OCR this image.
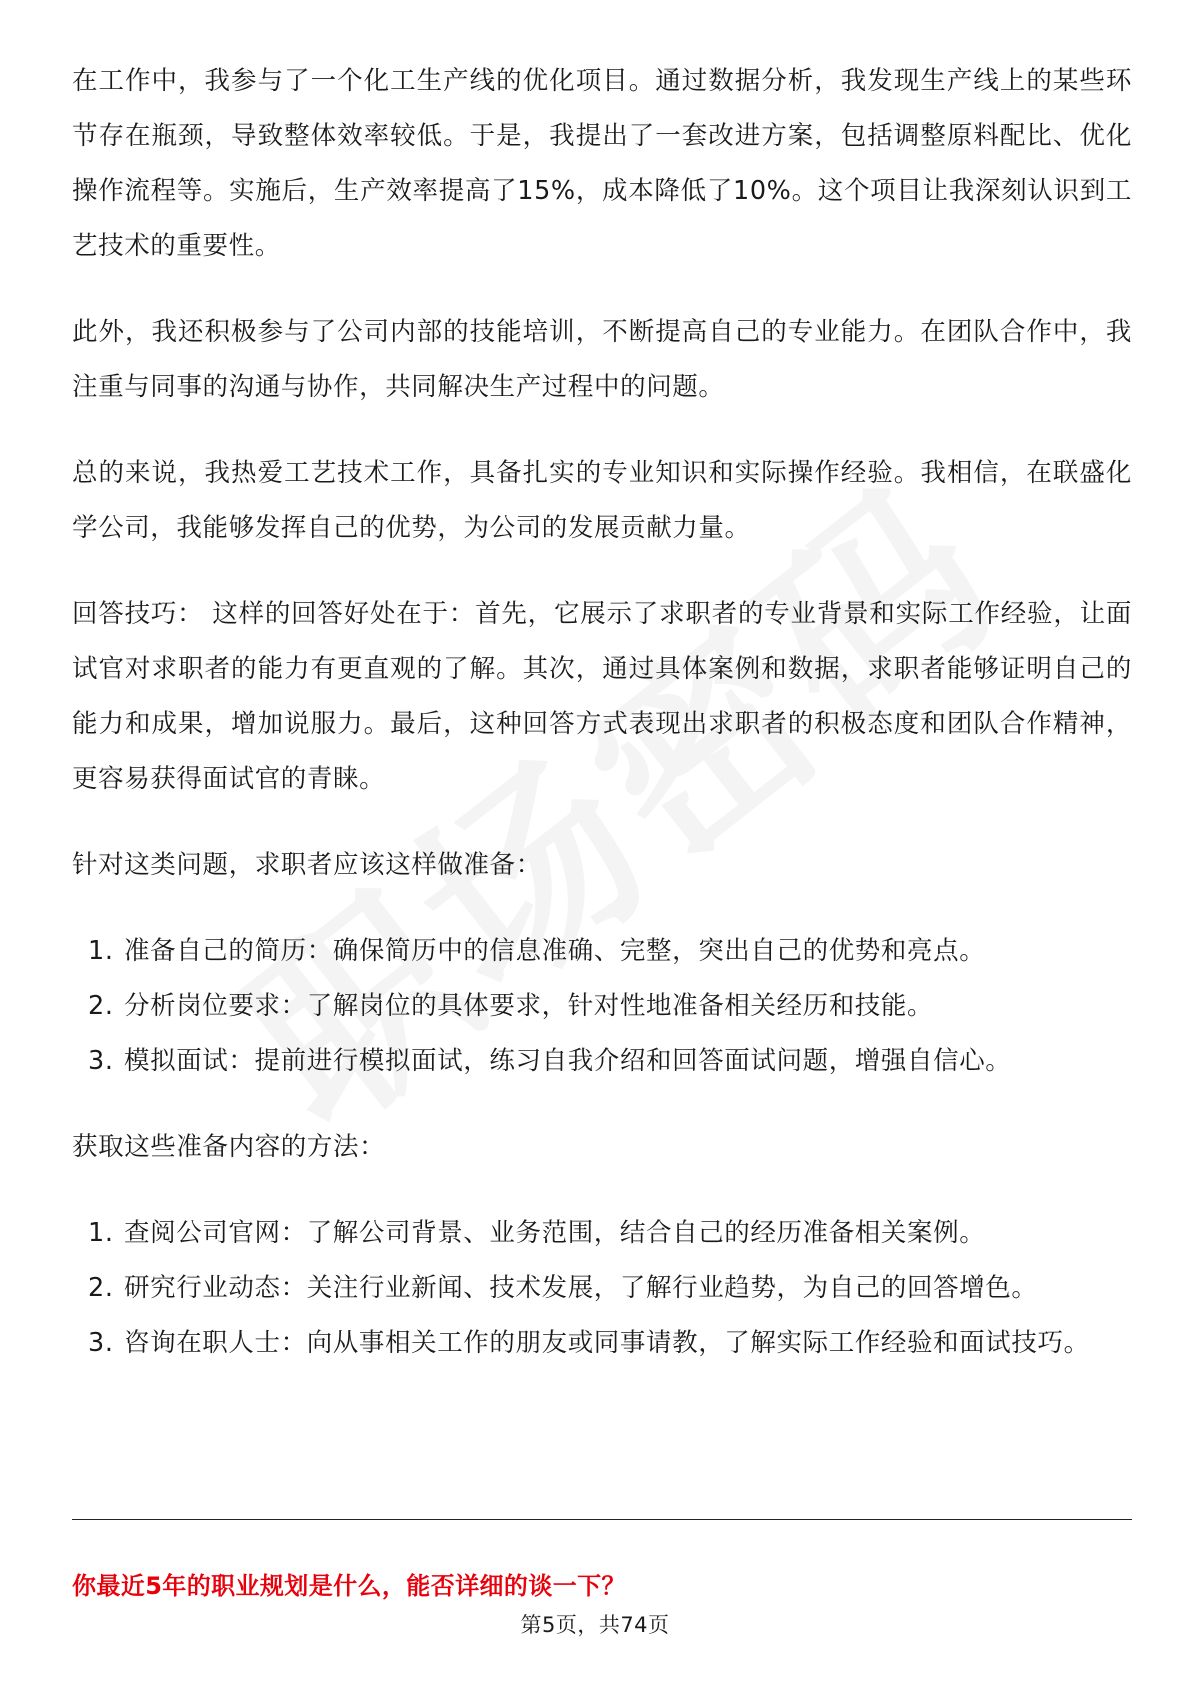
在工作中，我参与了一个化工生产线的优化项目。通过数据分析，我发现生产线上的某些环节存在瓶颈，导致整体效率较低。于是，我提出了一套改进方案，包括调整原料配比、优化操作流程等。实施后，生产效率提高了15%，成本降低了10%。这个项目让我深刻认识到工艺技术的重要性。

此外，我还积极参与了公司内部的技能培训，不断提高自己的专业能力。在团队合作中，我注重与同事的沟通与协作，共同解决生产过程中的问题。

总的来说，我热爱工艺技术工作，具备扎实的专业知识和实际操作经验。我相信，在联盛化学公司，我能够发挥自己的优势，为公司的发展贡献力量。

回答技巧： 这样的回答好处在于：首先，它展示了求职者的专业背景和实际工作经验，让面试官对求职者的能力有更直观的了解。其次，通过具体案例和数据，求职者能够证明自己的能力和成果，增加说服力。最后，这种回答方式表现出求职者的积极态度和团队合作精神，更容易获得面试官的青睐。

针对这类问题，求职者应该这样做准备：

1. 准备自己的简历：确保简历中的信息准确、完整，突出自己的优势和亮点。
2. 分析岗位要求：了解岗位的具体要求，针对性地准备相关经历和技能。
3. 模拟面试：提前进行模拟面试，练习自我介绍和回答面试问题，增强自信心。

获取这些准备内容的方法：

1. 查阅公司官网：了解公司背景、业务范围，结合自己的经历准备相关案例。
2. 研究行业动态：关注行业新闻、技术发展，了解行业趋势，为自己的回答增色。
3. 咨询在职人士：向从事相关工作的朋友或同事请教，了解实际工作经验和面试技巧。
你最近5年的职业规划是什么，能否详细的谈一下？
第5页，共74页
